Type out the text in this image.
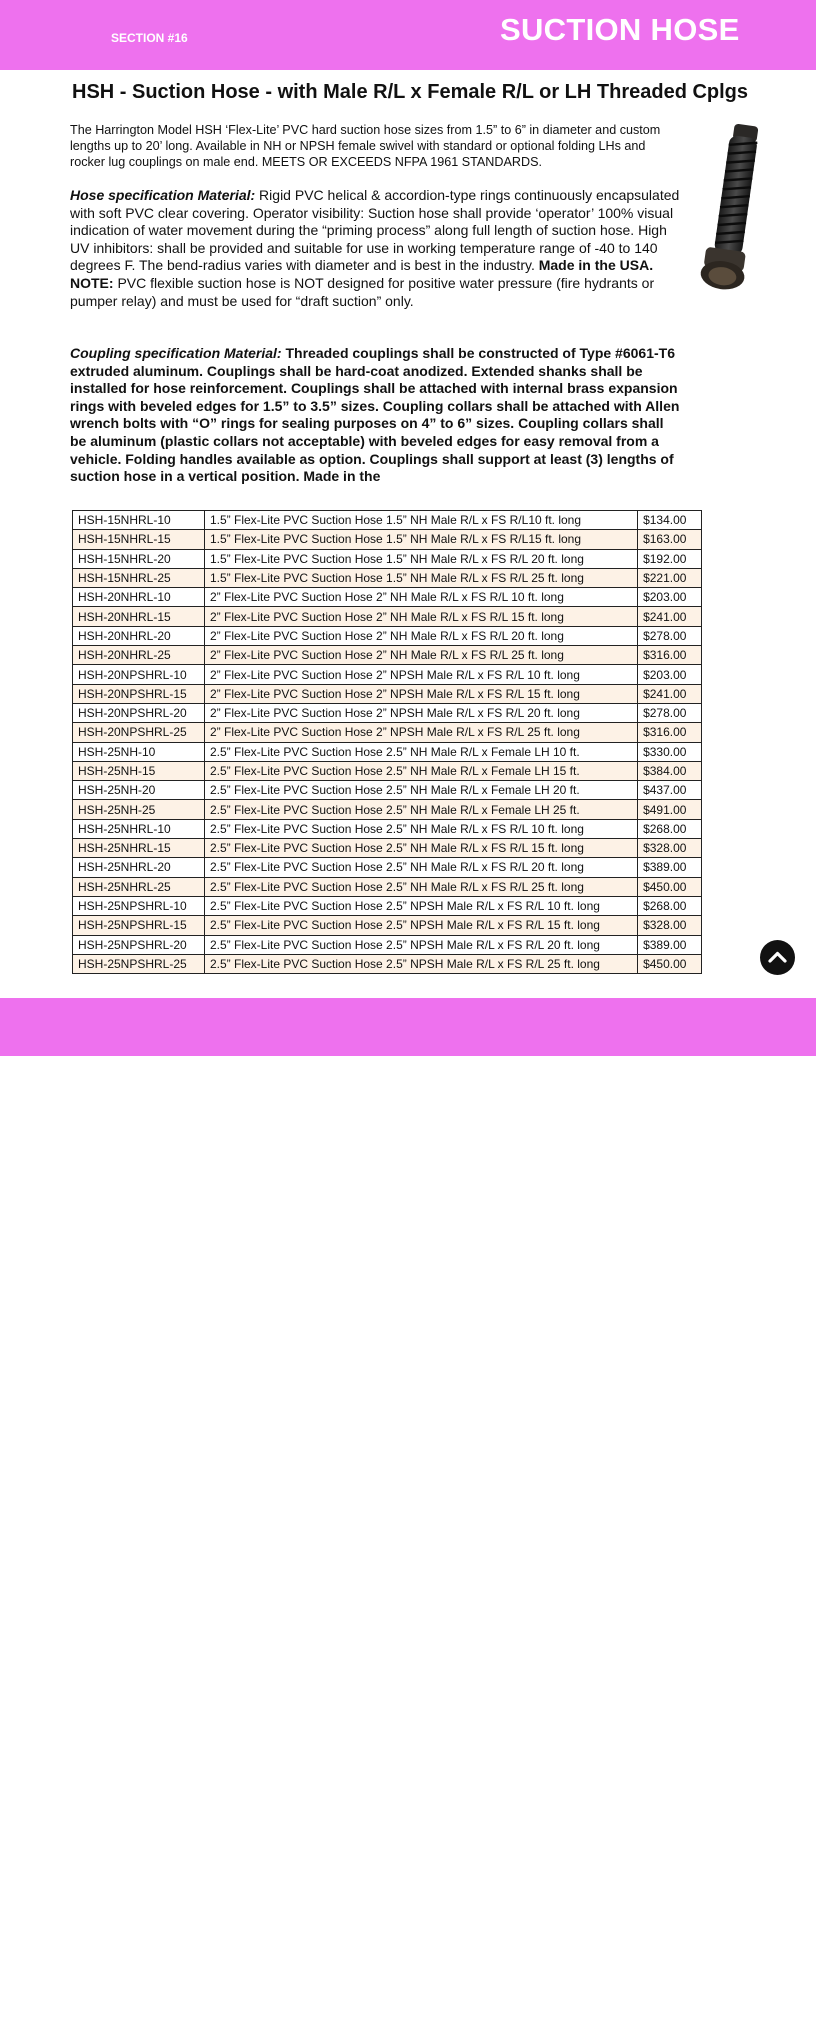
SECTION #16	SUCTION HOSE
HSH - Suction Hose - with Male R/L x Female R/L or LH Threaded Cplgs
The Harrington Model HSH ‘Flex-Lite’ PVC hard suction hose sizes from 1.5” to 6” in diameter and custom lengths up to 20’ long. Available in NH or NPSH female swivel with standard or optional folding LHs and rocker lug couplings on male end. MEETS OR EXCEEDS NFPA 1961 STANDARDS.
Hose specification Material: Rigid PVC helical & accordion-type rings continuously encapsulated with soft PVC clear covering. Operator visibility: Suction hose shall provide ‘operator’ 100% visual indication of water movement during the “priming process” along full length of suction hose. High UV inhibitors: shall be provided and suitable for use in working temperature range of -40 to 140 degrees F. The bend-radius varies with diameter and is best in the industry. Made in the USA. NOTE: PVC flexible suction hose is NOT designed for positive water pressure (fire hydrants or pumper relay) and must be used for “draft suction” only.
Coupling specification Material: Threaded couplings shall be constructed of Type #6061-T6 extruded aluminum. Couplings shall be hard-coat anodized. Extended shanks shall be installed for hose reinforcement. Couplings shall be attached with internal brass expansion rings with beveled edges for 1.5” to 3.5” sizes. Coupling collars shall be attached with Allen wrench bolts with “O” rings for sealing purposes on 4” to 6” sizes. Coupling collars shall be aluminum (plastic collars not acceptable) with beveled edges for easy removal from a vehicle. Folding handles available as option. Couplings shall support at least (3) lengths of suction hose in a vertical position. Made in the
HSH-15NHRL-10	1.5” Flex-Lite PVC Suction Hose 1.5” NH Male R/L x FS R/L10 ft. long	$134.00
HSH-15NHRL-15	1.5” Flex-Lite PVC Suction Hose 1.5” NH Male R/L x FS R/L15 ft. long	$163.00
HSH-15NHRL-20	1.5” Flex-Lite PVC Suction Hose 1.5” NH Male R/L x FS R/L 20 ft. long	$192.00
HSH-15NHRL-25	1.5” Flex-Lite PVC Suction Hose 1.5” NH Male R/L x FS R/L 25 ft. long	$221.00
HSH-20NHRL-10	2” Flex-Lite PVC Suction Hose 2” NH Male R/L x FS R/L 10 ft. long	$203.00
HSH-20NHRL-15	2” Flex-Lite PVC Suction Hose 2” NH Male R/L x FS R/L 15 ft. long	$241.00
HSH-20NHRL-20	2” Flex-Lite PVC Suction Hose 2” NH Male R/L x FS R/L 20 ft. long	$278.00
HSH-20NHRL-25	2” Flex-Lite PVC Suction Hose 2” NH Male R/L x FS R/L 25 ft. long	$316.00
HSH-20NPSHRL-10	2” Flex-Lite PVC Suction Hose 2” NPSH Male R/L x FS R/L 10 ft. long	$203.00
HSH-20NPSHRL-15	2” Flex-Lite PVC Suction Hose 2” NPSH Male R/L x FS R/L 15 ft. long	$241.00
HSH-20NPSHRL-20	2” Flex-Lite PVC Suction Hose 2” NPSH Male R/L x FS R/L 20 ft. long	$278.00
HSH-20NPSHRL-25	2” Flex-Lite PVC Suction Hose 2” NPSH Male R/L x FS R/L 25 ft. long	$316.00
HSH-25NH-10	2.5” Flex-Lite PVC Suction Hose 2.5” NH Male R/L x Female LH 10 ft.	$330.00
HSH-25NH-15	2.5” Flex-Lite PVC Suction Hose 2.5” NH Male R/L x Female LH 15 ft.	$384.00
HSH-25NH-20	2.5” Flex-Lite PVC Suction Hose 2.5” NH Male R/L x Female LH 20 ft.	$437.00
HSH-25NH-25	2.5” Flex-Lite PVC Suction Hose 2.5” NH Male R/L x Female LH 25 ft.	$491.00
HSH-25NHRL-10	2.5” Flex-Lite PVC Suction Hose 2.5” NH Male R/L x FS R/L 10 ft. long	$268.00
HSH-25NHRL-15	2.5” Flex-Lite PVC Suction Hose 2.5” NH Male R/L x FS R/L 15 ft. long	$328.00
HSH-25NHRL-20	2.5” Flex-Lite PVC Suction Hose 2.5” NH Male R/L x FS R/L 20 ft. long	$389.00
HSH-25NHRL-25	2.5” Flex-Lite PVC Suction Hose 2.5” NH Male R/L x FS R/L 25 ft. long	$450.00
HSH-25NPSHRL-10	2.5” Flex-Lite PVC Suction Hose 2.5” NPSH Male R/L x FS R/L 10 ft. long	$268.00
HSH-25NPSHRL-15	2.5” Flex-Lite PVC Suction Hose 2.5” NPSH Male R/L x FS R/L 15 ft. long	$328.00
HSH-25NPSHRL-20	2.5” Flex-Lite PVC Suction Hose 2.5” NPSH Male R/L x FS R/L 20 ft. long	$389.00
HSH-25NPSHRL-25	2.5” Flex-Lite PVC Suction Hose 2.5” NPSH Male R/L x FS R/L 25 ft. long	$450.00
PAGE 60	800-553-0078
